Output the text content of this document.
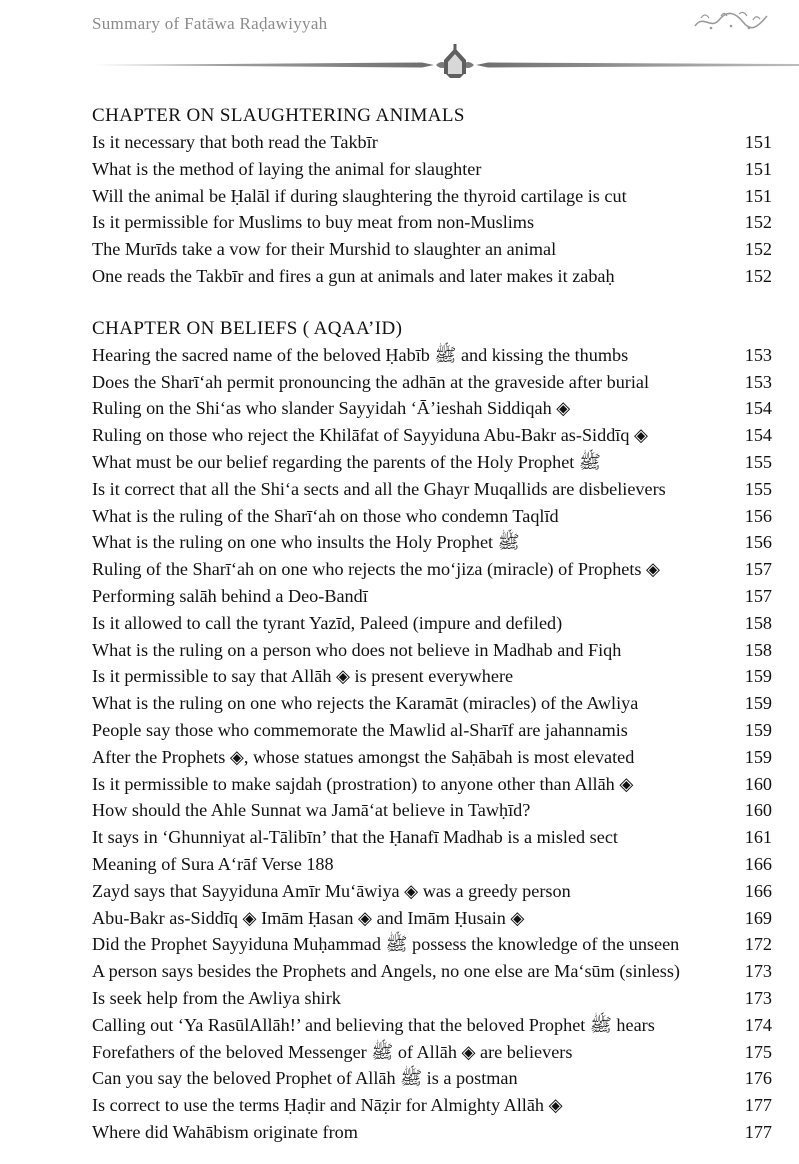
Summary of Fatāwa Raḍawiyyah
CHAPTER ON SLAUGHTERING ANIMALS
Is it necessary that both read the Takbīr	151
What is the method of laying the animal for slaughter	151
Will the animal be Ḥalāl if during slaughtering the thyroid cartilage is cut	151
Is it permissible for Muslims to buy meat from non-Muslims	152
The Murīds take a vow for their Murshid to slaughter an animal	152
One reads the Takbīr and fires a gun at animals and later makes it zabaḥ	152
CHAPTER ON BELIEFS ( AQAA’ID)
Hearing the sacred name of the beloved Ḥabīb ﷺ and kissing the thumbs	153
Does the Sharī‘ah permit pronouncing the adhān at the graveside after burial	153
Ruling on the Shi‘as who slander Sayyidah ‘Ā’ieshah Siddiqah ◈	154
Ruling on those who reject the Khilāfat of Sayyiduna Abu-Bakr as-Siddīq ◈	154
What must be our belief regarding the parents of the Holy Prophet ﷺ	155
Is it correct that all the Shi‘a sects and all the Ghayr Muqallids are disbelievers	155
What is the ruling of the Sharī‘ah on those who condemn Taqlīd	156
What is the ruling on one who insults the Holy Prophet ﷺ	156
Ruling of the Sharī‘ah on one who rejects the mo‘jiza (miracle) of Prophets ◈	157
Performing salāh behind a Deo-Bandī	157
Is it allowed to call the tyrant Yazīd, Paleed (impure and defiled)	158
What is the ruling on a person who does not believe in Madhab and Fiqh	158
Is it permissible to say that Allāh ◈ is present everywhere	159
What is the ruling on one who rejects the Karamāt (miracles) of the Awliya	159
People say those who commemorate the Mawlid al-Sharīf are jahannamis	159
After the Prophets ◈, whose statues amongst the Saḥābah is most elevated	159
Is it permissible to make sajdah (prostration) to anyone other than Allāh ◈	160
How should the Ahle Sunnat wa Jamā‘at believe in Tawḥīd?	160
It says in ‘Ghunniyat al-Tālibīn’ that the Ḥanafī Madhab is a misled sect	161
Meaning of Sura A‘rāf Verse 188	166
Zayd says that Sayyiduna Amīr Mu‘āwiya ◈ was a greedy person	166
Abu-Bakr as-Siddīq ◈ Imām Ḥasan ◈ and Imām Ḥusain ◈	169
Did the Prophet Sayyiduna Muḥammad ﷺ possess the knowledge of the unseen	172
A person says besides the Prophets and Angels, no one else are Ma‘sūm (sinless)	173
Is seek help from the Awliya shirk	173
Calling out ‘Ya RasūlAllāh!’ and believing that the beloved Prophet ﷺ hears	174
Forefathers of the beloved Messenger ﷺ of Allāh ◈ are believers	175
Can you say the beloved Prophet of Allāh ﷺ is a postman	176
Is correct to use the terms Ḥaḍir and Nāẓir for Almighty Allāh ◈	177
Where did Wahābism originate from	177
